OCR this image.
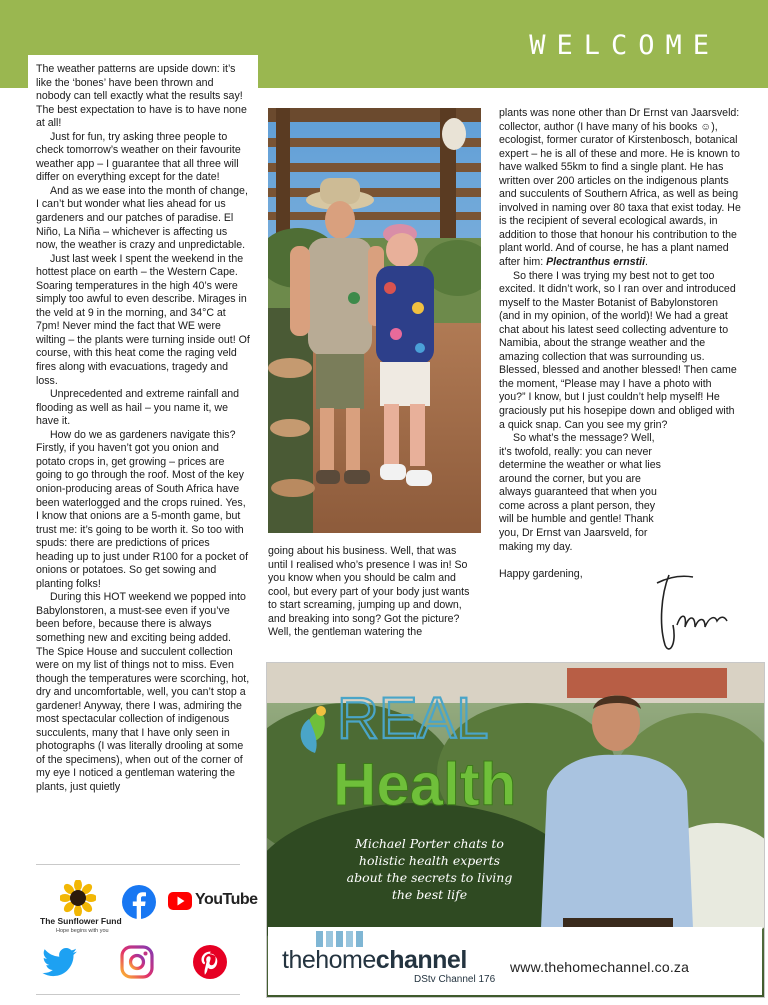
WELCOME

The weather patterns are upside down: it’s like the ‘bones’ have been thrown and nobody can tell exactly what the results say! The best expectation to have is to have none at all!

Just for fun, try asking three people to check tomorrow’s weather on their favourite weather app – I guarantee that all three will differ on everything except for the date!

And as we ease into the month of change, I can’t but wonder what lies ahead for us gardeners and our patches of paradise. El Niño, La Niña – whichever is affecting us now, the weather is crazy and unpredictable.

Just last week I spent the weekend in the hottest place on earth – the Western Cape. Soaring temperatures in the high 40’s were simply too awful to even describe. Mirages in the veld at 9 in the morning, and 34°C at 7pm! Never mind the fact that WE were wilting – the plants were turning inside out! Of course, with this heat come the raging veld fires along with evacuations, tragedy and loss.

Unprecedented and extreme rainfall and flooding as well as hail – you name it, we have it.

How do we as gardeners navigate this? Firstly, if you haven’t got you onion and potato crops in, get growing – prices are going to go through the roof. Most of the key onion-producing areas of South Africa have been waterlogged and the crops ruined. Yes, I know that onions are a 5-month game, but trust me: it’s going to be worth it. So too with spuds: there are predictions of prices heading up to just under R100 for a pocket of onions or potatoes. So get sowing and planting folks!

During this HOT weekend we popped into Babylonstoren, a must-see even if you’ve been before, because there is always something new and exciting being added. The Spice House and succulent collection were on my list of things not to miss. Even though the temperatures were scorching, hot, dry and uncomfortable, well, you can’t stop a gardener! Anyway, there I was, admiring the most spectacular collection of indigenous succulents, many that I have only seen in photographs (I was literally drooling at some of the specimens), when out of the corner of my eye I noticed a gentleman watering the plants, just quietly

going about his business. Well, that was until I realised who’s presence I was in! So you know when you should be calm and cool, but every part of your body just wants to start screaming, jumping up and down, and breaking into song? Got the picture? Well, the gentleman watering the

plants was none other than Dr Ernst van Jaarsveld: collector, author (I have many of his books ☺), ecologist, former curator of Kirstenbosch, botanical expert – he is all of these and more. He is known to have walked 55km to find a single plant. He has written over 200 articles on the indigenous plants and succulents of Southern Africa, as well as being involved in naming over 80 taxa that exist today. He is the recipient of several ecological awards, in addition to those that honour his contribution to the plant world. And of course, he has a plant named after him: Plectranthus ernstii.

So there I was trying my best not to get too excited. It didn’t work, so I ran over and introduced myself to the Master Botanist of Babylonstoren (and in my opinion, of the world)! We had a great chat about his latest seed collecting adventure to Namibia, about the strange weather and the amazing collection that was surrounding us. Blessed, blessed and another blessed! Then came the moment, “Please may I have a photo with you?” I know, but I just couldn’t help myself! He graciously put his hosepipe down and obliged with a quick snap. Can you see my grin?

So what’s the message? Well, it’s twofold, really: you can never determine the weather or what lies around the corner, but you are always guaranteed that when you come across a plant person, they will be humble and gentle! Thank you, Dr Ernst van Jaarsveld, for making my day.

Happy gardening,

The Sunflower Fund
Hope begins with you
YouTube
REAL
Health
Michael Porter chats to holistic health experts about the secrets to living the best life
thehomechannel
DStv Channel 176
www.thehomechannel.co.za
